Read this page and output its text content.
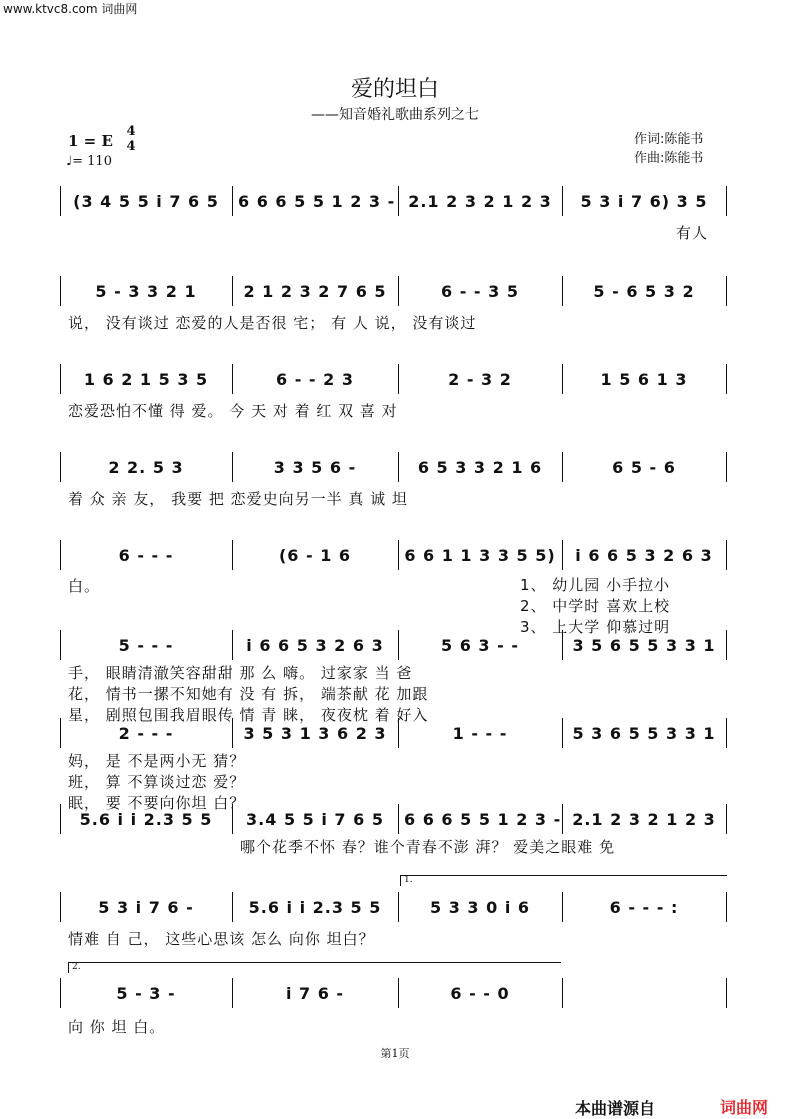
www.ktvc8.com 词曲网
爱的坦白
——知音婚礼歌曲系列之七
1 = E
4
4
♩= 110
作词:陈能书
作曲:陈能书
(3 4 5 5 i 7 6 5	6 6 6 5 5 1 2 3 - 2.1 2 3 2 1 2 3	5 3 i 7 6) 3 5
5 - 3 3 2 1	2 1 2 3 2 7 6 5	6 - - 3 5	5 - 6 5 3 2
1 6 2 1 5 3 5	6 - - 2 3	2 - 3 2	1 5 6 1 3
2 2. 5 3	3 3 5 6 -	6 5 3 3 2 1 6	6 5 - 6
6 - - -	(6 - 1 6	6 6 1 1 3 3 5 5)	i 6 6 5 3 2 6 3
5 - - -	i 6 6 5 3 2 6 3	5 6 3 - -	3 5 6 5 5 3 3 1
2 - - -	3 5 3 1 3 6 2 3	1 - - -	5 3 6 5 5 3 3 1
5.6 i i 2.3 5 5	3.4 5 5 i 7 6 5	6 6 6 5 5 1 2 3 - 2.1 2 3 2 1 2 3
5 3 i 7 6 -	5.6 i i 2.3 5 5	5 3 3 0 i 6	6 - - - :
5 - 3 -	i 7 6 -	6 - - 0
1.
2.
有人
说， 没有谈过 恋爱的人是否很 宅； 有 人 说， 没有谈过
恋爱恐怕不懂 得 爱。 今 天 对 着 红 双 喜 对
着 众 亲 友， 我要 把 恋爱史向另一半 真 诚 坦
白。	1、 幼儿园 小手拉小
2、 中学时 喜欢上校
3、 上大学 仰慕过明
手， 眼睛清澈笑容甜甜 那 么 嗨。 过家家 当 爸
花， 情书一摞不知她有 没 有 拆， 端茶献 花 加跟
星， 剧照包围我眉眼传 情 青 睐， 夜夜枕 着 好入
妈， 是 不是两小无 猜？
班， 算 不算谈过恋 爱？
眠， 要 不要向你坦 白？
哪个花季不怀 春？谁个青春不澎 湃？ 爱美之眼难 免
情难 自 己， 这些心思该 怎么 向你 坦白？
向 你 坦 白。
第1页
本曲谱源自	词曲网
